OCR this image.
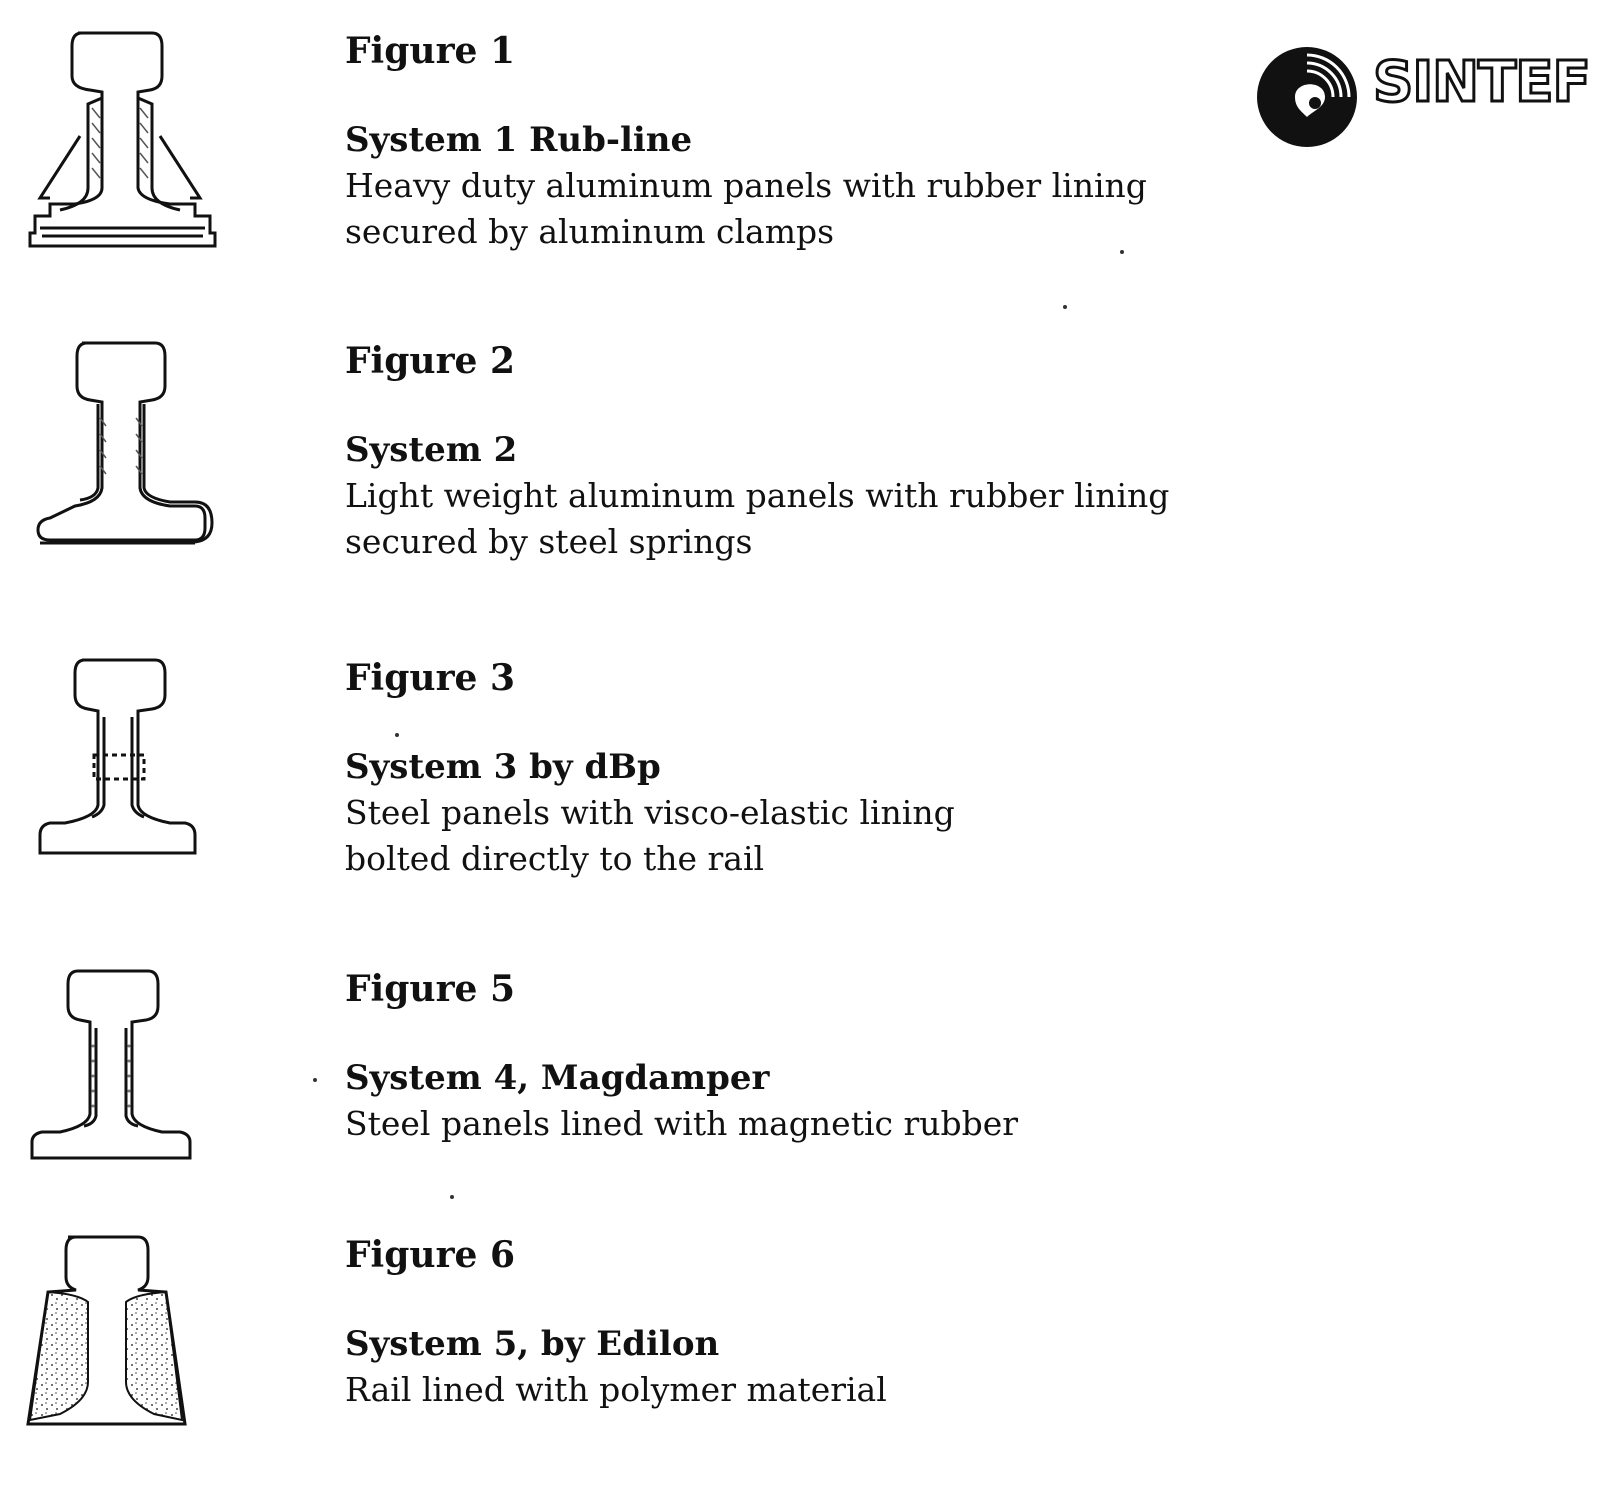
SINTEF

Figure 1

System 1 Rub-line

Heavy duty aluminum panels with rubber lining

secured by aluminum clamps

Figure 2

System 2

Light weight aluminum panels with rubber lining

secured by steel springs

Figure 3

System 3 by dBp

Steel panels with visco-elastic lining

bolted directly to the rail

Figure 5

System 4, Magdamper

Steel panels lined with magnetic rubber

Figure 6

System 5, by Edilon

Rail lined with polymer material
